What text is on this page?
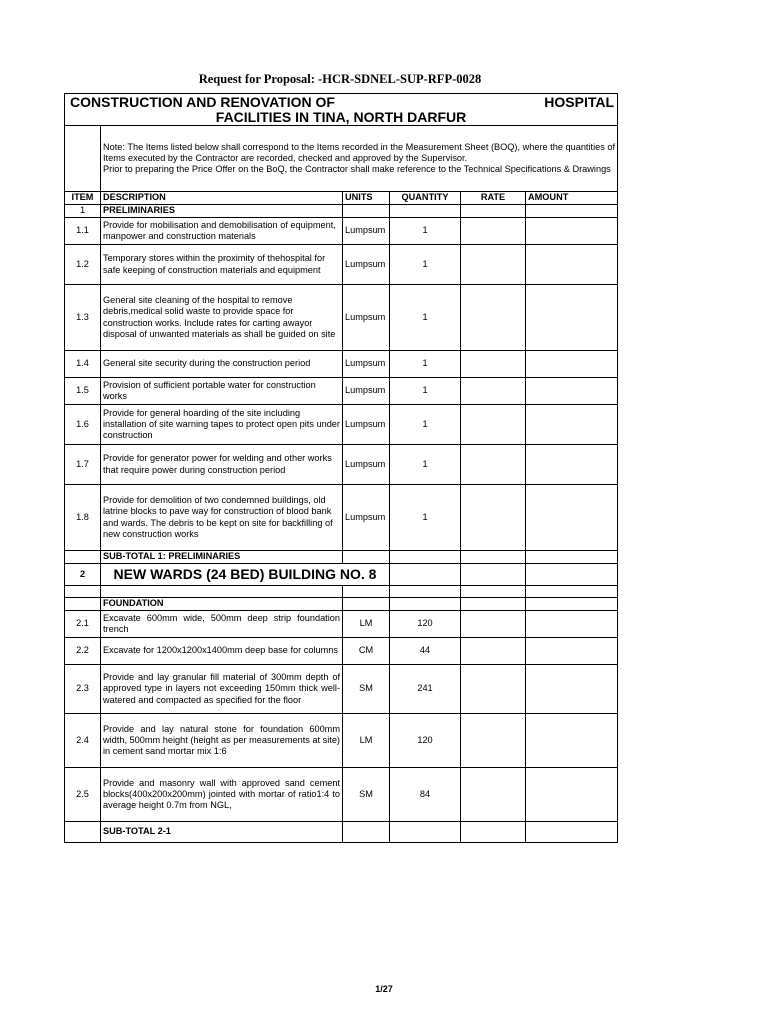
Request for Proposal: -HCR-SDNEL-SUP-RFP-0028
CONSTRUCTION AND RENOVATION OF HOSPITAL
FACILITIES IN TINA, NORTH DARFUR					

	Note: The Items listed below shall correspond to the Items recorded in the Measurement Sheet (BOQ), where the quantities of Items executed by the Contractor are recorded, checked and approved by the Supervisor.
Prior to preparing the Price Offer on the BoQ, the Contractor shall make reference to the Technical Specifications & Drawings				

ITEM	DESCRIPTION	UNITS	QUANTITY	RATE	AMOUNT
1	PRELIMINARIES				
1.1	Provide for mobilisation and demobilisation of equipment, manpower and construction materials	Lumpsum	1		
1.2	Temporary stores within the proximity of thehospital for safe keeping of construction materials and equipment	Lumpsum	1		
1.3	General site cleaning of the hospital to remove debris,medical solid waste to provide space for construction works. Include rates for carting awayor disposal of unwanted materials as shall be guided on site	Lumpsum	1		
1.4	General site security during the construction period	Lumpsum	1		
1.5	Provision of sufficient portable water for construction works	Lumpsum	1		
1.6	Provide for general hoarding of the site including installation of site warning tapes to protect open pits under construction	Lumpsum	1		
1.7	Provide for generator power for welding and other works that require power during construction period	Lumpsum	1		
1.8	Provide for demolition of two condemned buildings, old latrine blocks to pave way for construction of blood bank and wards. The debris to be kept on site for backfilling of new construction works	Lumpsum	1		
	SUB-TOTAL 1: PRELIMINARIES				
2	NEW WARDS (24 BED) BUILDING NO. 8				

	FOUNDATION				
2.1	Excavate 600mm wide, 500mm deep strip foundation trench	LM	120		
2.2	Excavate for 1200x1200x1400mm deep base for columns	CM	44		
2.3	Provide and lay granular fill material of 300mm depth of approved type in layers not exceeding 150mm thick well-watered and compacted as specified for the floor	SM	241		
2.4	Provide and lay natural stone for foundation 600mm width, 500mm height (height as per measurements at site) in cement sand mortar mix 1:6	LM	120		
2.5	Provide and masonry wall with approved sand cement blocks(400x200x200mm) jointed with mortar of ratio1:4 to average height 0.7m from NGL,	SM	84		
	SUB-TOTAL 2-1				
1/27
